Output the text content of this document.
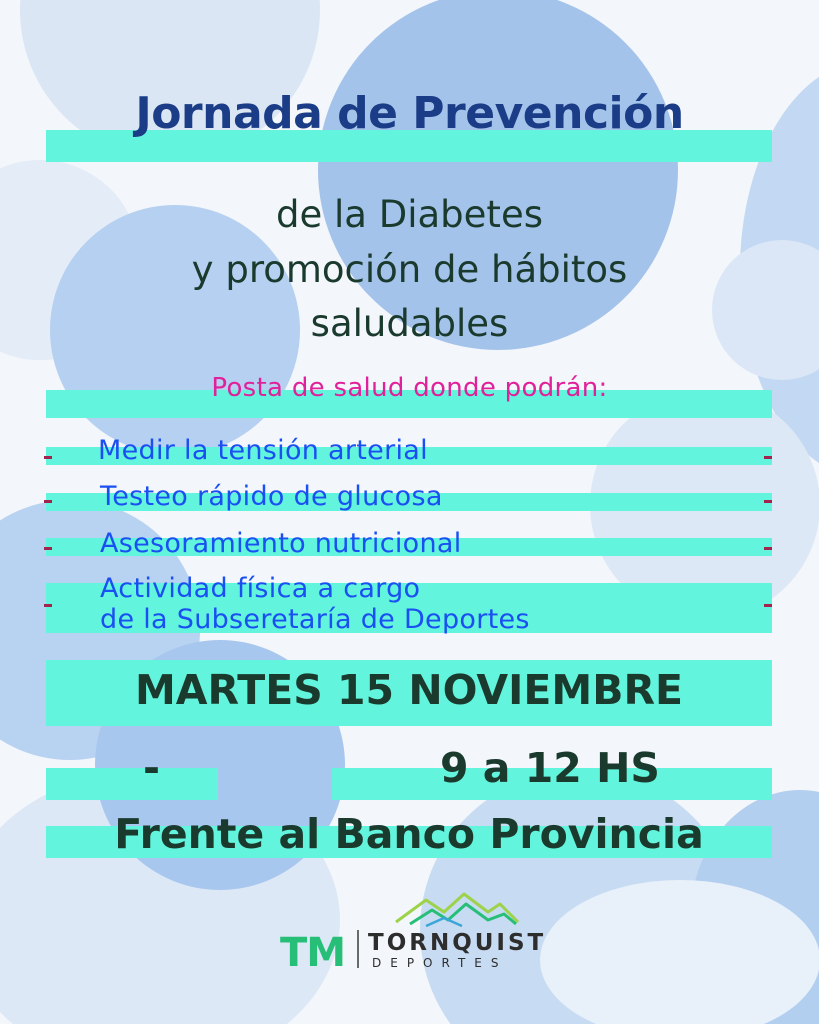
Jornada de Prevención

de la Diabetes

y promoción de hábitos

saludables

Posta de salud donde podrán:

Medir la tensión arterial

Testeo rápido de glucosa

Asesoramiento nutricional

Actividad física a cargo

de la Subseretaría de Deportes

MARTES 15 NOVIEMBRE

-	9 a 12 HS

Frente al Banco Provincia

TM TORNQUIST
DEPORTES
